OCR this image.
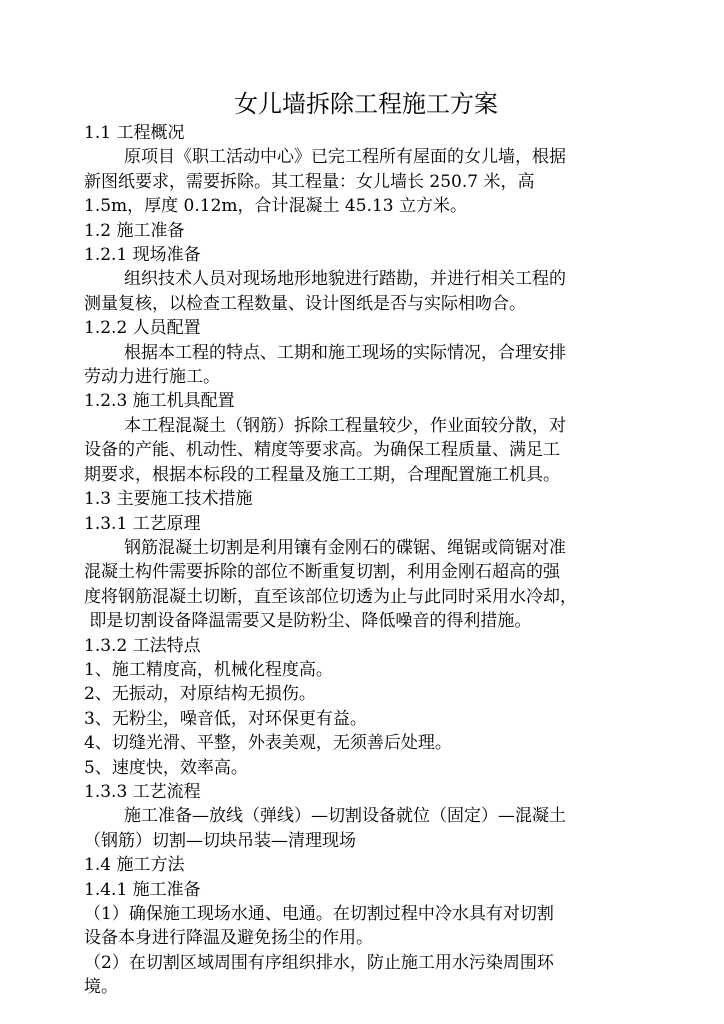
女儿墙拆除工程施工方案

1.1 工程概况

原项目《职工活动中心》已完工程所有屋面的女儿墙，根据

新图纸要求，需要拆除。其工程量：女儿墙长 250.7 米，高

1.5m，厚度 0.12m，合计混凝土 45.13 立方米。

1.2 施工准备

1.2.1 现场准备

组织技术人员对现场地形地貌进行踏勘，并进行相关工程的

测量复核，以检查工程数量、设计图纸是否与实际相吻合。

1.2.2 人员配置

根据本工程的特点、工期和施工现场的实际情况，合理安排

劳动力进行施工。

1.2.3 施工机具配置

本工程混凝土（钢筋）拆除工程量较少，作业面较分散，对

设备的产能、机动性、精度等要求高。为确保工程质量、满足工

期要求，根据本标段的工程量及施工工期，合理配置施工机具。

1.3 主要施工技术措施

1.3.1 工艺原理

钢筋混凝土切割是利用镶有金刚石的碟锯、绳锯或筒锯对准

混凝土构件需要拆除的部位不断重复切割，利用金刚石超高的强

度将钢筋混凝土切断，直至该部位切透为止与此同时采用水冷却，

即是切割设备降温需要又是防粉尘、降低噪音的得利措施。

1.3.2 工法特点

1、施工精度高，机械化程度高。

2、无振动，对原结构无损伤。

3、无粉尘，噪音低，对环保更有益。

4、切缝光滑、平整，外表美观，无须善后处理。

5、速度快，效率高。

1.3.3 工艺流程

施工准备—放线（弹线）—切割设备就位（固定）—混凝土

（钢筋）切割—切块吊装—清理现场

1.4 施工方法

1.4.1 施工准备

（1）确保施工现场水通、电通。在切割过程中冷水具有对切割

设备本身进行降温及避免扬尘的作用。

（2）在切割区域周围有序组织排水，防止施工用水污染周围环

境。
